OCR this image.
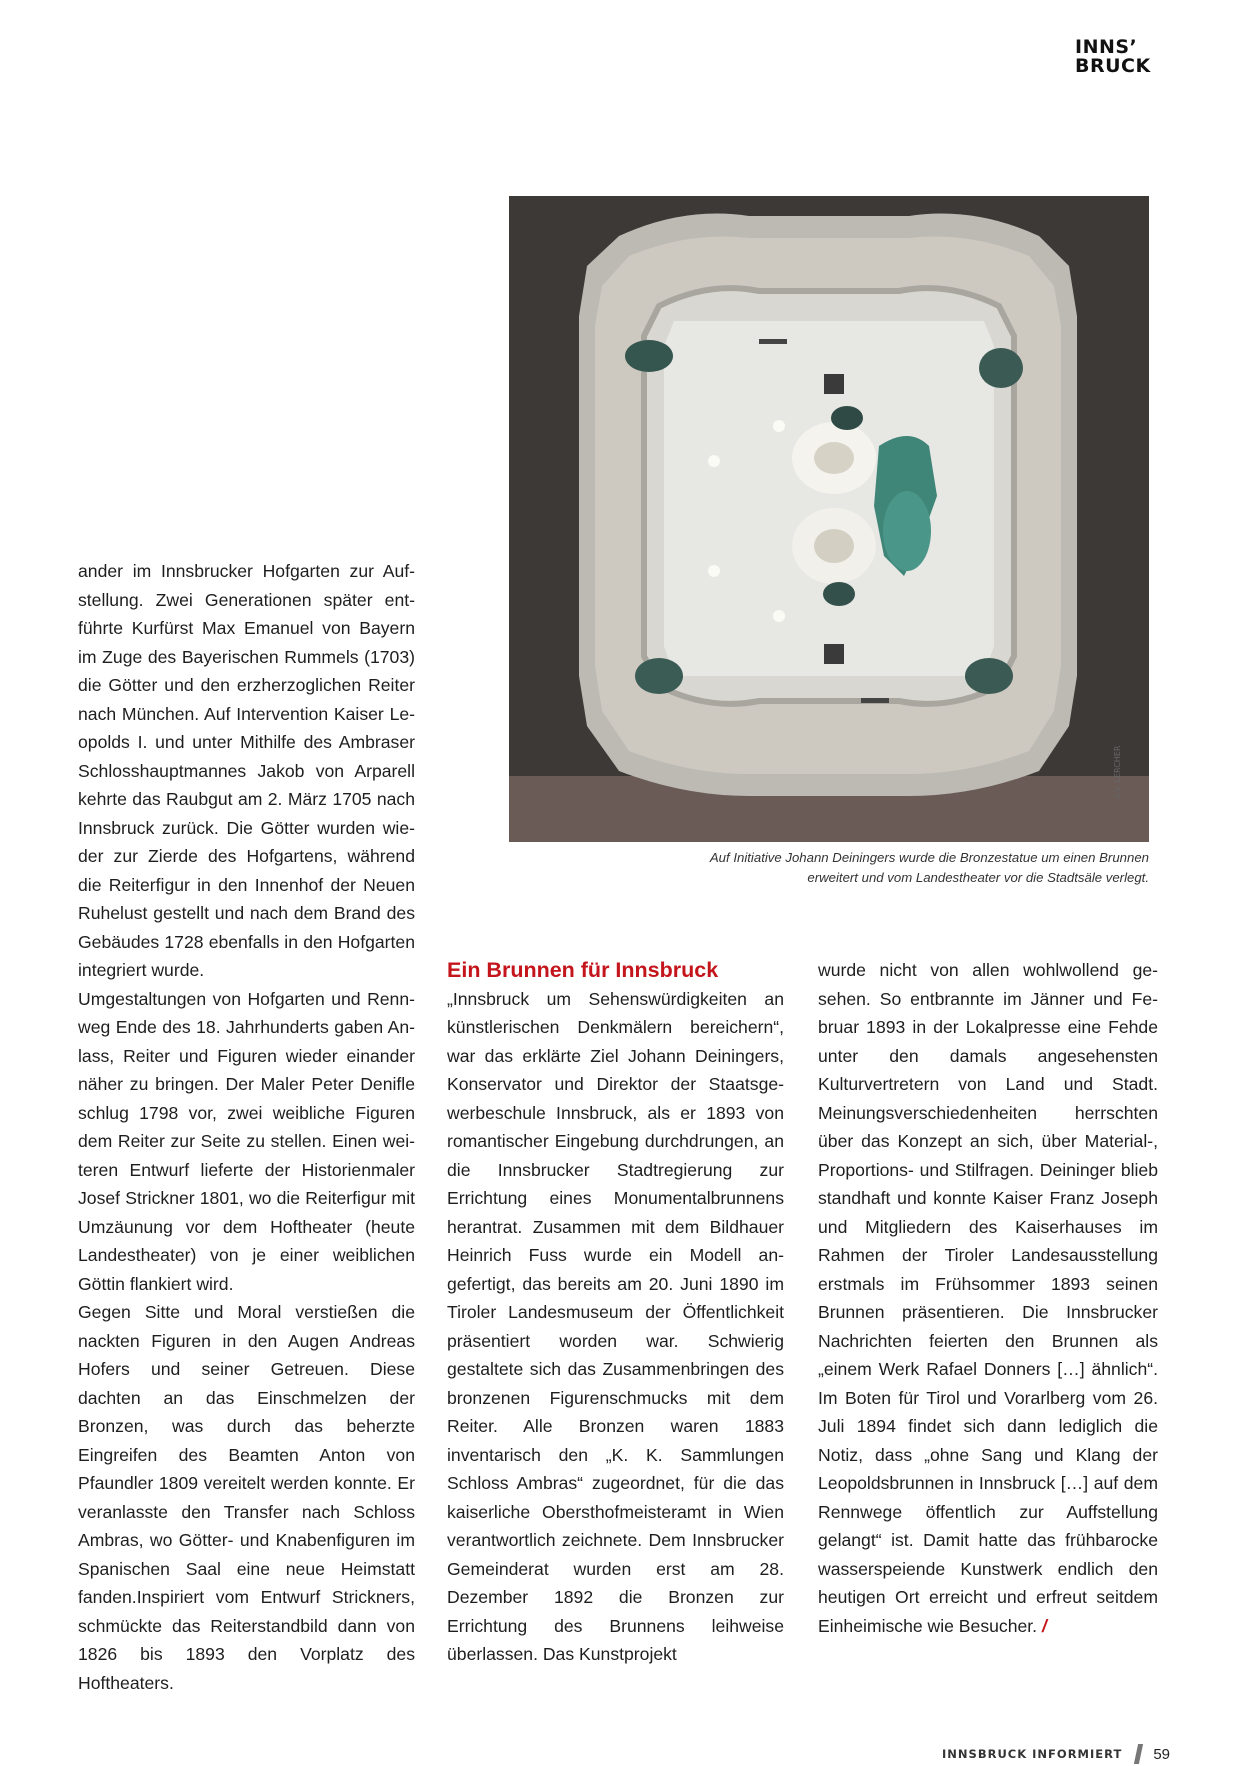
INNS’
BRUCK
©V. LERCHER
Auf Initiative Johann Deiningers wurde die Bronzestatue um einen Brunnen
erweitert und vom Landestheater vor die Stadtsäle verlegt.

ander im Innsbrucker Hofgarten zur Aufstellung. Zwei Generationen später entführte Kurfürst Max Emanuel von Bayern im Zuge des Bayerischen Rummels (1703) die Götter und den erzherzoglichen Reiter nach München. Auf Intervention Kaiser Leopolds I. und unter Mithilfe des Ambraser Schlosshauptmannes Jakob von Arparell kehrte das Raubgut am 2. März 1705 nach Innsbruck zurück. Die Götter wurden wieder zur Zierde des Hofgartens, während die Reiterfigur in den Innenhof der Neuen Ruhelust gestellt und nach dem Brand des Gebäudes 1728 ebenfalls in den Hofgarten integriert wurde.

Umgestaltungen von Hofgarten und Rennweg Ende des 18. Jahrhunderts gaben Anlass, Reiter und Figuren wieder einander näher zu bringen. Der Maler Peter Denifle schlug 1798 vor, zwei weibliche Figuren dem Reiter zur Seite zu stellen. Einen weiteren Entwurf lieferte der Historienmaler Josef Strickner 1801, wo die Reiterfigur mit Umzäunung vor dem Hoftheater (heute Landestheater) von je einer weiblichen Göttin flankiert wird.

Gegen Sitte und Moral verstießen die nackten Figuren in den Augen Andreas Hofers und seiner Getreuen. Diese dachten an das Einschmelzen der Bronzen, was durch das beherzte Eingreifen des Beamten Anton von Pfaundler 1809 vereitelt werden konnte. Er veranlasste den Transfer nach Schloss Ambras, wo Götter- und Knabenfiguren im Spanischen Saal eine neue Heimstatt fanden.Inspiriert vom Entwurf Strickners, schmückte das Reiterstandbild dann von 1826 bis 1893 den Vorplatz des Hoftheaters.

Ein Brunnen für Innsbruck

„Innsbruck um Sehenswürdigkeiten an künstlerischen Denkmälern bereichern“, war das erklärte Ziel Johann Deiningers, Konservator und Direktor der Staatsgewerbeschule Innsbruck, als er 1893 von romantischer Eingebung durchdrungen, an die Innsbrucker Stadtregierung zur Errichtung eines Monumentalbrunnens herantrat. Zusammen mit dem Bildhauer Heinrich Fuss wurde ein Modell angefertigt, das bereits am 20. Juni 1890 im Tiroler Landesmuseum der Öffentlichkeit präsentiert worden war. Schwierig gestaltete sich das Zusammenbringen des bronzenen Figurenschmucks mit dem Reiter. Alle Bronzen waren 1883 inventarisch den „K. K. Sammlungen Schloss Ambras“ zugeordnet, für die das kaiserliche Obersthofmeisteramt in Wien verantwortlich zeichnete. Dem Innsbrucker Gemeinderat wurden erst am 28. Dezember 1892 die Bronzen zur Errichtung des Brunnens leihweise überlassen. Das Kunstprojekt

wurde nicht von allen wohlwollend gesehen. So entbrannte im Jänner und Februar 1893 in der Lokalpresse eine Fehde unter den damals angesehensten Kulturvertretern von Land und Stadt. Meinungsverschiedenheiten herrschten über das Konzept an sich, über Material-, Proportions- und Stilfragen. Deininger blieb standhaft und konnte Kaiser Franz Joseph und Mitgliedern des Kaiserhauses im Rahmen der Tiroler Landesausstellung erstmals im Frühsommer 1893 seinen Brunnen präsentieren. Die Innsbrucker Nachrichten feierten den Brunnen als „einem Werk Rafael Donners […] ähnlich“. Im Boten für Tirol und Vorarlberg vom 26. Juli 1894 findet sich dann lediglich die Notiz, dass „ohne Sang und Klang der Leopoldsbrunnen in Innsbruck […] auf dem Rennwege öffentlich zur Auffstellung gelangt“ ist. Damit hatte das frühbarocke wasserspeiende Kunstwerk endlich den heutigen Ort erreicht und erfreut seitdem Einheimische wie Besucher. /

INNSBRUCK INFORMIERT 59
